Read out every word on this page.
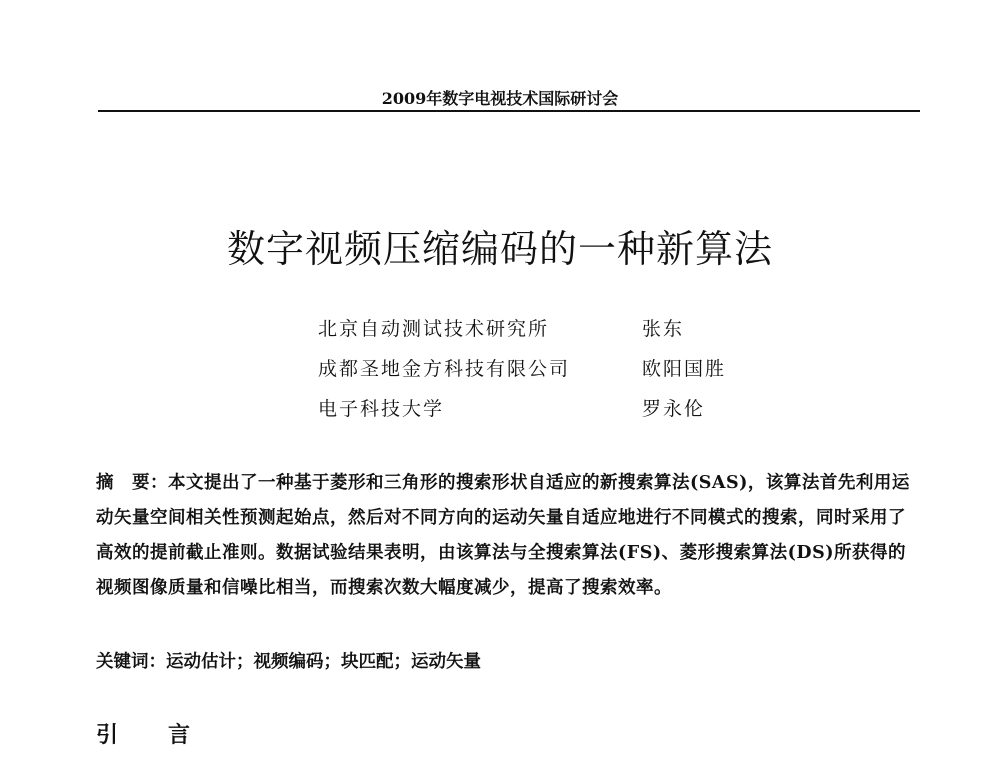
2009年数字电视技术国际研讨会
数字视频压缩编码的一种新算法
北京自动测试技术研究所	张东
成都圣地金方科技有限公司	欧阳国胜
电子科技大学	罗永伦
摘　要：本文提出了一种基于菱形和三角形的搜索形状自适应的新搜索算法(SAS)，该算法首先利用运动矢量空间相关性预测起始点，然后对不同方向的运动矢量自适应地进行不同模式的搜索，同时采用了高效的提前截止准则。数据试验结果表明，由该算法与全搜索算法(FS)、菱形搜索算法(DS)所获得的视频图像质量和信噪比相当，而搜索次数大幅度减少，提高了搜索效率。
关键词：运动估计；视频编码；块匹配；运动矢量
引　言
